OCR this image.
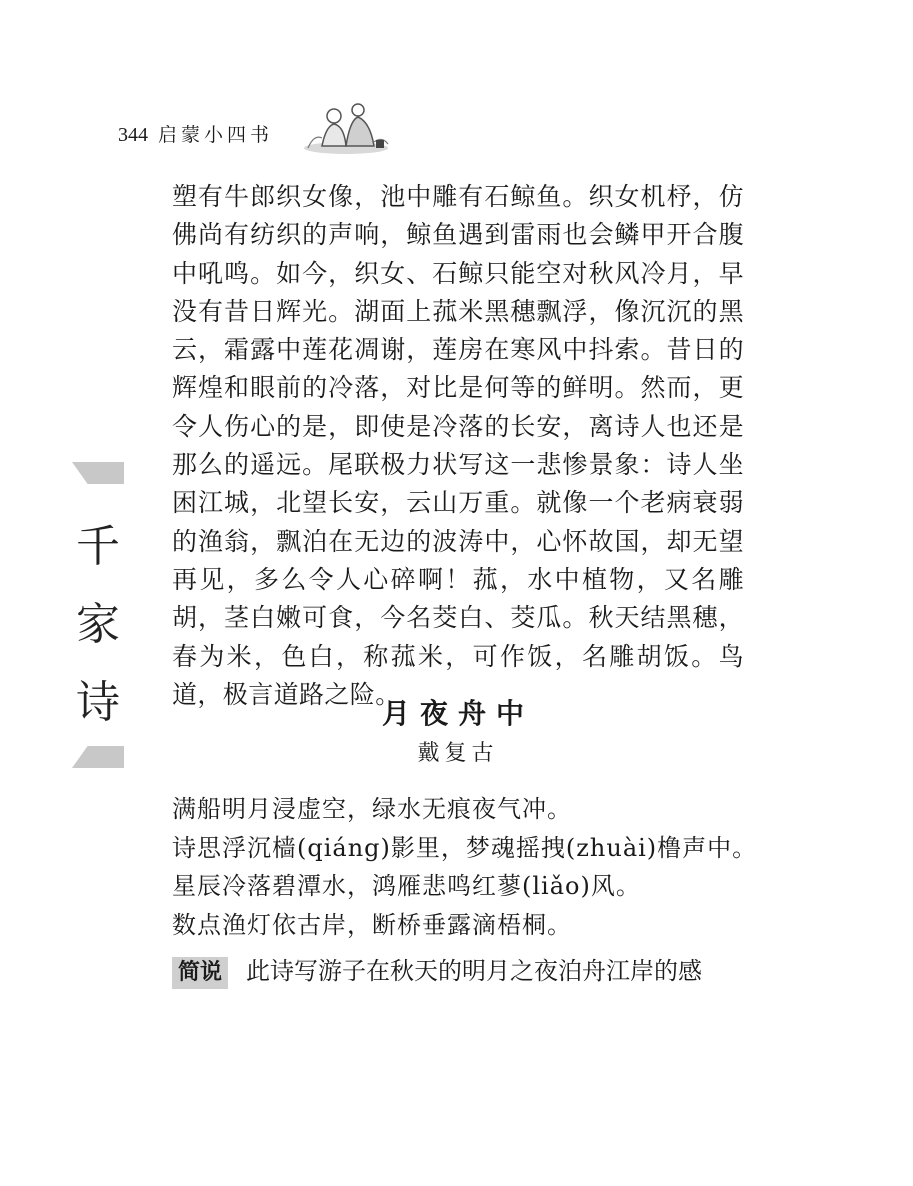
344 启蒙小四书
千
家
诗
塑有牛郎织女像，池中雕有石鲸鱼。织女机杼，仿佛尚有纺织的声响，鲸鱼遇到雷雨也会鳞甲开合腹中吼鸣。如今，织女、石鲸只能空对秋风冷月，早没有昔日辉光。湖面上菰米黑穗飘浮，像沉沉的黑云，霜露中莲花凋谢，莲房在寒风中抖索。昔日的辉煌和眼前的冷落，对比是何等的鲜明。然而，更令人伤心的是，即使是冷落的长安，离诗人也还是那么的遥远。尾联极力状写这一悲惨景象：诗人坐困江城，北望长安，云山万重。就像一个老病衰弱的渔翁，飘泊在无边的波涛中，心怀故国，却无望再见，多么令人心碎啊！菰，水中植物，又名雕胡，茎白嫩可食，今名茭白、茭瓜。秋天结黑穗，春为米，色白，称菰米，可作饭，名雕胡饭。鸟道，极言道路之险。
月夜舟中
戴复古
满船明月浸虚空，绿水无痕夜气冲。
诗思浮沉樯(qiáng)影里，梦魂摇拽(zhuài)橹声中。
星辰冷落碧潭水，鸿雁悲鸣红蓼(liǎo)风。
数点渔灯依古岸，断桥垂露滴梧桐。
简说 此诗写游子在秋天的明月之夜泊舟江岸的感
